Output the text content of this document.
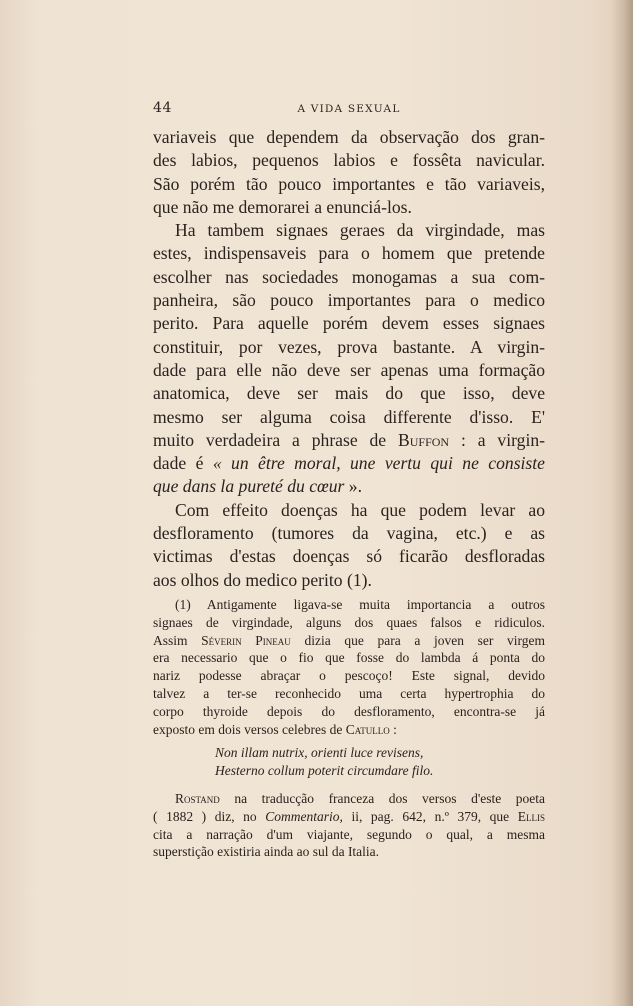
44	A VIDA SEXUAL
variaveis que dependem da observação dos gran-
des labios, pequenos labios e fossêta navicular.
São porém tão pouco importantes e tão variaveis,
que não me demorarei a enunciá-los.
Ha tambem signaes geraes da virgindade, mas
estes, indispensaveis para o homem que pretende
escolher nas sociedades monogamas a sua com-
panheira, são pouco importantes para o medico
perito. Para aquelle porém devem esses signaes
constituir, por vezes, prova bastante. A virgin-
dade para elle não deve ser apenas uma formação
anatomica, deve ser mais do que isso, deve
mesmo ser alguma coisa differente d'isso. E'
muito verdadeira a phrase de Buffon : a virgin-
dade é « un être moral, une vertu qui ne consiste
que dans la pureté du cœur ».
Com effeito doenças ha que podem levar ao
desfloramento (tumores da vagina, etc.) e as
victimas d'estas doenças só ficarão desfloradas
aos olhos do medico perito (1).
(1) Antigamente ligava-se muita importancia a outros
signaes de virgindade, alguns dos quaes falsos e ridiculos.
Assim Séverin Pineau dizia que para a joven ser virgem
era necessario que o fio que fosse do lambda á ponta do
nariz podesse abraçar o pescoço! Este signal, devido
talvez a ter-se reconhecido uma certa hypertrophia do
corpo thyroide depois do desfloramento, encontra-se já
exposto em dois versos celebres de Catullo :
Non illam nutrix, orienti luce revisens,
Hesterno collum poterit circumdare filo.
Rostand na traducção franceza dos versos d'este poeta
( 1882 ) diz, no Commentario, ii, pag. 642, n.º 379, que Ellis
cita a narração d'um viajante, segundo o qual, a mesma
superstição existiria ainda ao sul da Italia.
